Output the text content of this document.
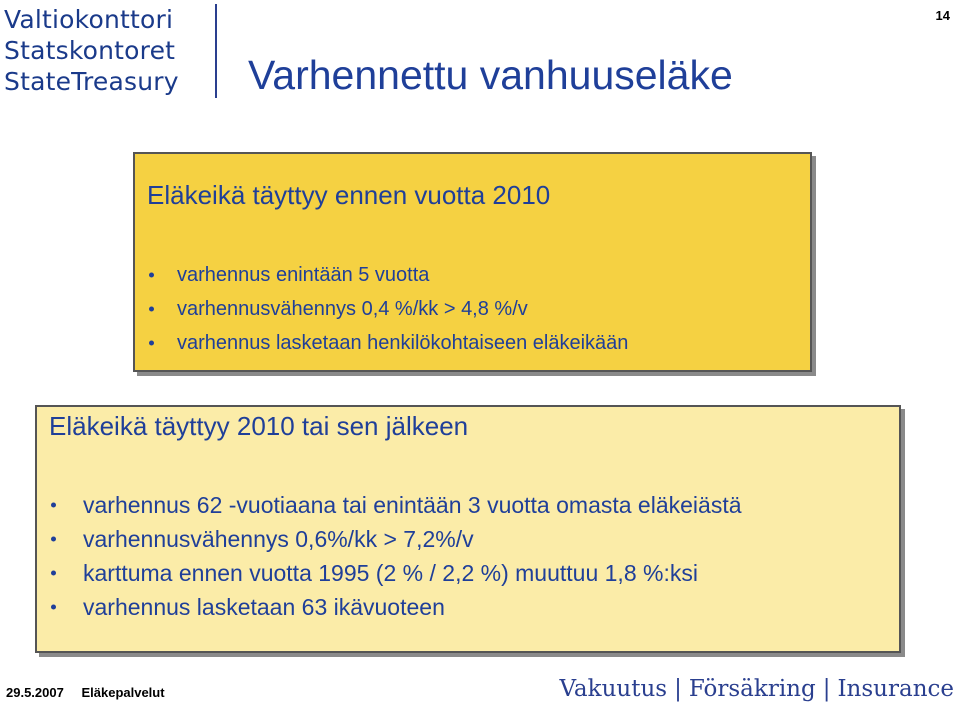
Valtiokonttori
Statskontoret
StateTreasury
14
Varhennettu vanhuuseläke
Eläkeikä täyttyy ennen vuotta 2010
varhennus enintään 5 vuotta
varhennusvähennys 0,4 %/kk > 4,8 %/v
varhennus lasketaan henkilökohtaiseen eläkeikään
Eläkeikä täyttyy 2010 tai sen jälkeen
varhennus 62 -vuotiaana tai enintään 3 vuotta omasta eläkeiästä
varhennusvähennys 0,6%/kk > 7,2%/v
karttuma ennen vuotta 1995 (2 % / 2,2 %) muuttuu 1,8 %:ksi
varhennus lasketaan 63 ikävuoteen
29.5.2007 Eläkepalvelut	Vakuutus | Försäkring | Insurance
